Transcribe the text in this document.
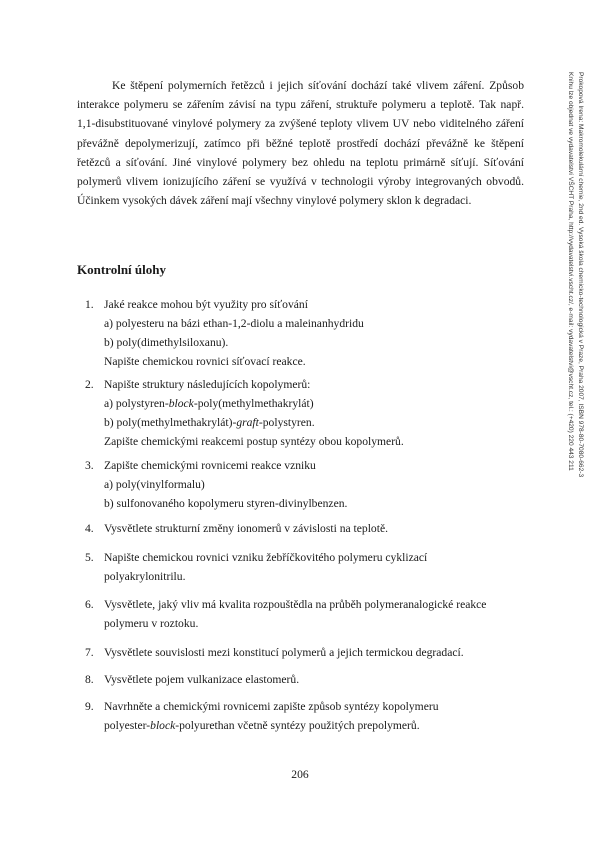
Ke štěpení polymerních řetězců i jejich síťování dochází také vlivem záření. Způsob interakce polymeru se zářením závisí na typu záření, struktuře polymeru a teplotě. Tak např. 1,1-disubstituované vinylové polymery za zvýšené teploty vlivem UV nebo viditelného záření převážně depolymerizují, zatímco při běžné teplotě prostředí dochází převážně ke štěpení řetězců a síťování. Jiné vinylové polymery bez ohledu na teplotu primárně síťují. Síťování polymerů vlivem ionizujícího záření se využívá v technologii výroby integrovaných obvodů. Účinkem vysokých dávek záření mají všechny vinylové polymery sklon k degradaci.

Kontrolní úlohy
1. Jaké reakce mohou být využity pro síťování
a) polyesteru na bázi ethan-1,2-diolu a maleinanhydridu
b) poly(dimethylsiloxanu).
Napište chemickou rovnici síťovací reakce.
2. Napište struktury následujících kopolymerů:
a) polystyren-block-poly(methylmethakrylát)
b) poly(methylmethakrylát)-graft-polystyren.
Zapište chemickými reakcemi postup syntézy obou kopolymerů.
3. Zapište chemickými rovnicemi reakce vzniku
a) poly(vinylformalu)
b) sulfonovaného kopolymeru styren-divinylbenzen.
4. Vysvětlete strukturní změny ionomerů v závislosti na teplotě.
5. Napište chemickou rovnici vzniku žebříčkovitého polymeru cyklizací
polyakrylonitrilu.
6. Vysvětlete, jaký vliv má kvalita rozpouštědla na průběh polymeranalogické reakce
polymeru v roztoku.
7. Vysvětlete souvislosti mezi konstitucí polymerů a jejich termickou degradací.
8. Vysvětlete pojem vulkanizace elastomerů.
9. Navrhněte a chemickými rovnicemi zapište způsob syntézy kopolymeru
polyester-block-polyurethan včetně syntézy použitých prepolymerů.
Prokopová Irena: Makromolekulární chemie, 2nd ed. Vysoká škola chemicko-technologická v Praze, Praha 2007, ISBN 978-80-7080-662-3
Knihu lze objednat ve vydavatelství VŠCHT Praha, http://vydavatelstvi.vscht.cz/, e-mail: vydavatelstvi@vscht.cz, tel.: (+420) 220 443 211
206
